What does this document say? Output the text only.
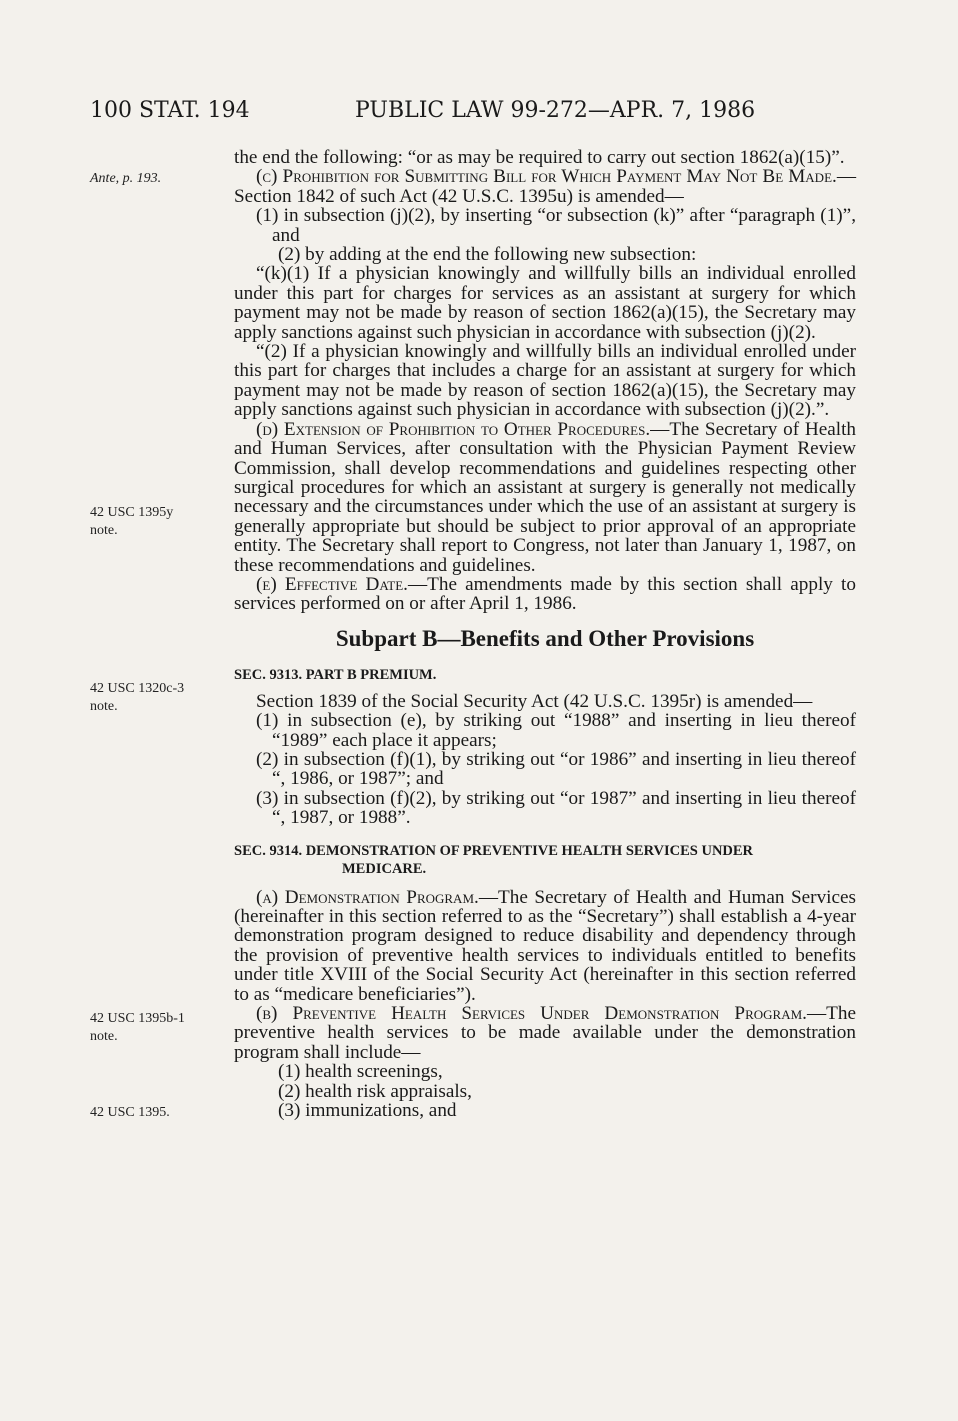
100 STAT. 194	PUBLIC LAW 99-272—APR. 7, 1986
Ante, p. 193.
42 USC 1395y
note.
42 USC 1320c-3
note.
42 USC 1395b-1
note.
42 USC 1395.

the end the following: “or as may be required to carry out section 1862(a)(15)”.

(c) Prohibition for Submitting Bill for Which Payment May Not Be Made.—Section 1842 of such Act (42 U.S.C. 1395u) is amended—

(1) in subsection (j)(2), by inserting “or subsection (k)” after “paragraph (1)”, and

(2) by adding at the end the following new subsection:

“(k)(1) If a physician knowingly and willfully bills an individual enrolled under this part for charges for services as an assistant at surgery for which payment may not be made by reason of section 1862(a)(15), the Secretary may apply sanctions against such physician in accordance with subsection (j)(2).

“(2) If a physician knowingly and willfully bills an individual enrolled under this part for charges that includes a charge for an assistant at surgery for which payment may not be made by reason of section 1862(a)(15), the Secretary may apply sanctions against such physician in accordance with subsection (j)(2).”.

(d) Extension of Prohibition to Other Procedures.—The Secretary of Health and Human Services, after consultation with the Physician Payment Review Commission, shall develop recommendations and guidelines respecting other surgical procedures for which an assistant at surgery is generally not medically necessary and the circumstances under which the use of an assistant at surgery is generally appropriate but should be subject to prior approval of an appropriate entity. The Secretary shall report to Congress, not later than January 1, 1987, on these recommendations and guidelines.

(e) Effective Date.—The amendments made by this section shall apply to services performed on or after April 1, 1986.

Subpart B—Benefits and Other Provisions
SEC. 9313. PART B PREMIUM.

Section 1839 of the Social Security Act (42 U.S.C. 1395r) is amended—

(1) in subsection (e), by striking out “1988” and inserting in lieu thereof “1989” each place it appears;

(2) in subsection (f)(1), by striking out “or 1986” and inserting in lieu thereof “, 1986, or 1987”; and

(3) in subsection (f)(2), by striking out “or 1987” and inserting in lieu thereof “, 1987, or 1988”.

SEC. 9314. DEMONSTRATION OF PREVENTIVE HEALTH SERVICES UNDER
MEDICARE.

(a) Demonstration Program.—The Secretary of Health and Human Services (hereinafter in this section referred to as the “Secretary”) shall establish a 4-year demonstration program designed to reduce disability and dependency through the provision of preventive health services to individuals entitled to benefits under title XVIII of the Social Security Act (hereinafter in this section referred to as “medicare beneficiaries”).

(b) Preventive Health Services Under Demonstration Program.—The preventive health services to be made available under the demonstration program shall include—

(1) health screenings,

(2) health risk appraisals,

(3) immunizations, and
